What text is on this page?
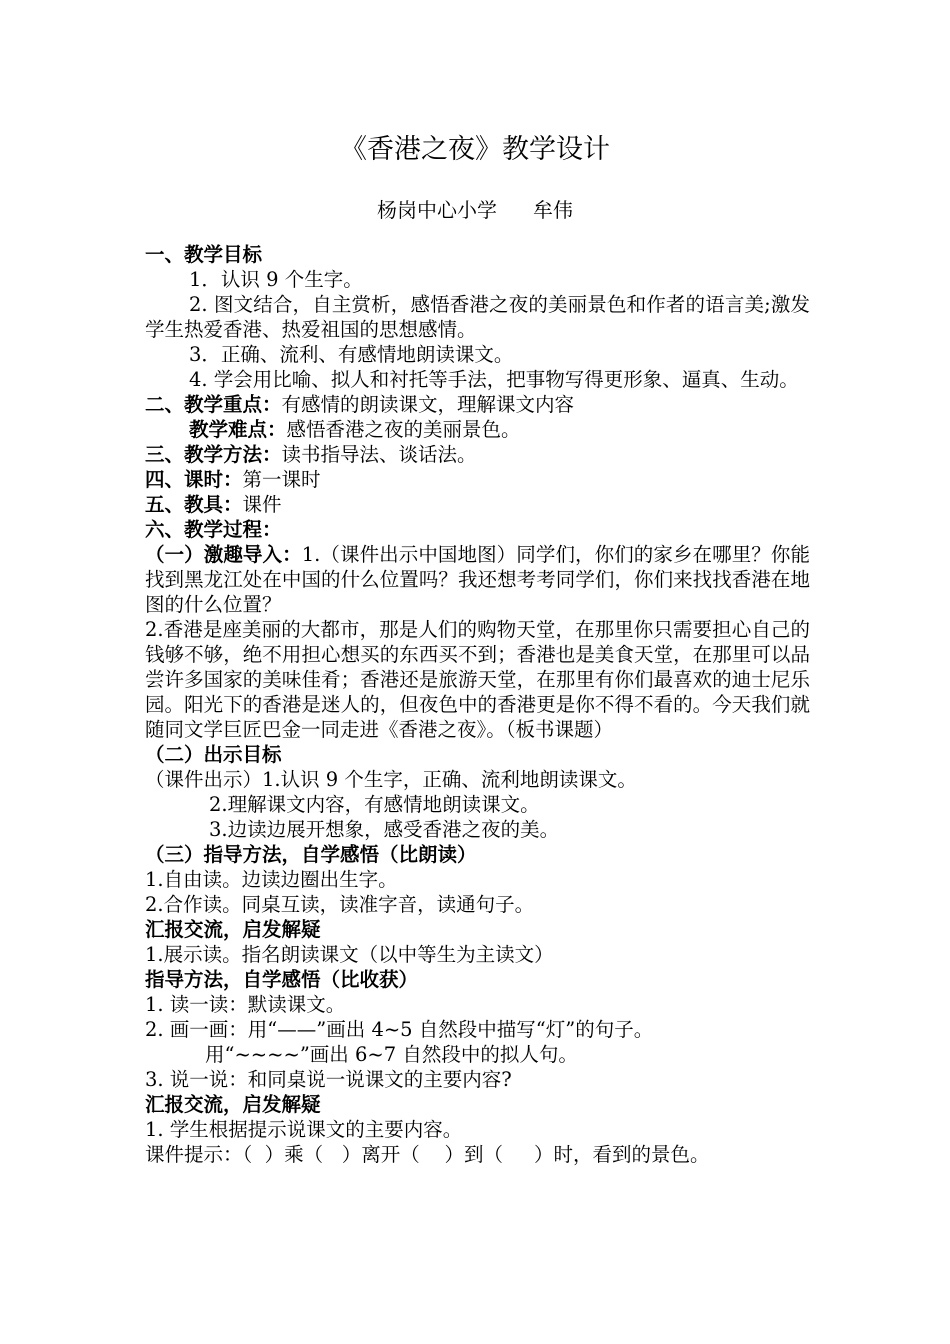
《香港之夜》教学设计
杨岗中心小学 牟伟

一、教学目标

1．认识 9 个生字。

2. 图文结合，自主赏析，感悟香港之夜的美丽景色和作者的语言美;激发学生热爱香港、热爱祖国的思想感情。

3．正确、流利、有感情地朗读课文。

4. 学会用比喻、拟人和衬托等手法，把事物写得更形象、逼真、生动。

二、教学重点：有感情的朗读课文，理解课文内容

教学难点：感悟香港之夜的美丽景色。

三、教学方法：读书指导法、谈话法。

四、课时：第一课时

五、教具：课件

六、教学过程：

（一）激趣导入：1.（课件出示中国地图）同学们，你们的家乡在哪里？你能找到黑龙江处在中国的什么位置吗？我还想考考同学们，你们来找找香港在地图的什么位置？

2.香港是座美丽的大都市，那是人们的购物天堂，在那里你只需要担心自己的钱够不够，绝不用担心想买的东西买不到；香港也是美食天堂，在那里可以品尝许多国家的美味佳肴；香港还是旅游天堂，在那里有你们最喜欢的迪士尼乐园。阳光下的香港是迷人的，但夜色中的香港更是你不得不看的。今天我们就随同文学巨匠巴金一同走进《香港之夜》。（板书课题）

（二）出示目标

（课件出示）1.认识 9 个生字，正确、流利地朗读课文。

2.理解课文内容，有感情地朗读课文。

3.边读边展开想象，感受香港之夜的美。

（三）指导方法，自学感悟（比朗读）

1.自由读。边读边圈出生字。

2.合作读。同桌互读，读准字音，读通句子。

汇报交流，启发解疑

1.展示读。指名朗读课文（以中等生为主读文）

指导方法，自学感悟（比收获）

1. 读一读：默读课文。

2. 画一画：用“——”画出 4~5 自然段中描写“灯”的句子。

用“~~~~”画出 6~7 自然段中的拟人句。

3. 说一说：和同桌说一说课文的主要内容?

汇报交流，启发解疑

1. 学生根据提示说课文的主要内容。

课件提示：（  ）乘（   ）离开（    ）到（     ）时，看到的景色。
